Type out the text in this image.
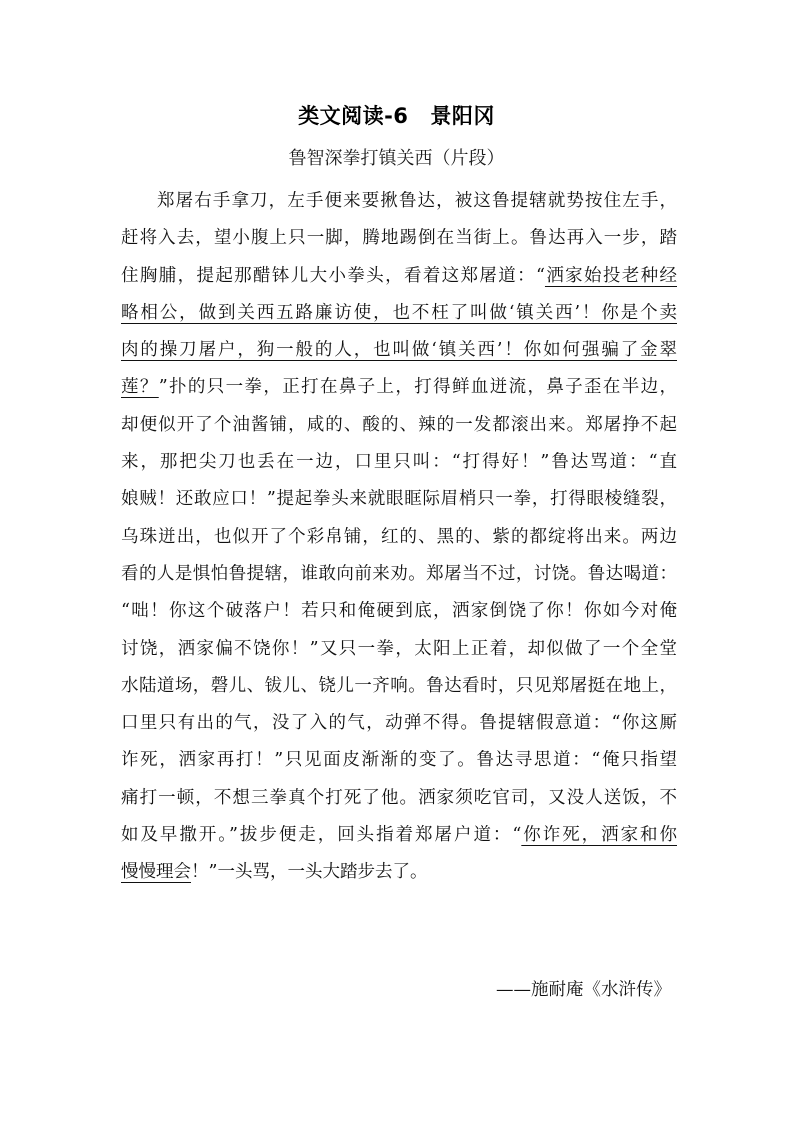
类文阅读-6 景阳冈
鲁智深拳打镇关西（片段）
郑屠右手拿刀，左手便来要揪鲁达，被这鲁提辖就势按住左手，
赶将入去，望小腹上只一脚，腾地踢倒在当街上。鲁达再入一步，踏
住胸脯，提起那醋钵儿大小拳头，看着这郑屠道：“洒家始投老种经
略相公，做到关西五路廉访使，也不枉了叫做‘镇关西’！你是个卖
肉的操刀屠户，狗一般的人，也叫做‘镇关西’！你如何强骗了金翠
莲？”扑的只一拳，正打在鼻子上，打得鲜血迸流，鼻子歪在半边，
却便似开了个油酱铺，咸的、酸的、辣的一发都滚出来。郑屠挣不起
来，那把尖刀也丢在一边，口里只叫：“打得好！”鲁达骂道：“直
娘贼！还敢应口！”提起拳头来就眼眶际眉梢只一拳，打得眼棱缝裂，
乌珠迸出，也似开了个彩帛铺，红的、黑的、紫的都绽将出来。两边
看的人是惧怕鲁提辖，谁敢向前来劝。郑屠当不过，讨饶。鲁达喝道：
“咄！你这个破落户！若只和俺硬到底，洒家倒饶了你！你如今对俺
讨饶，洒家偏不饶你！”又只一拳，太阳上正着，却似做了一个全堂
水陆道场，磬儿、钹儿、铙儿一齐响。鲁达看时，只见郑屠挺在地上，
口里只有出的气，没了入的气，动弹不得。鲁提辖假意道：“你这厮
诈死，洒家再打！”只见面皮渐渐的变了。鲁达寻思道：“俺只指望
痛打一顿，不想三拳真个打死了他。洒家须吃官司，又没人送饭，不
如及早撒开。”拔步便走，回头指着郑屠户道：“你诈死，洒家和你
慢慢理会！”一头骂，一头大踏步去了。
——施耐庵《水浒传》
